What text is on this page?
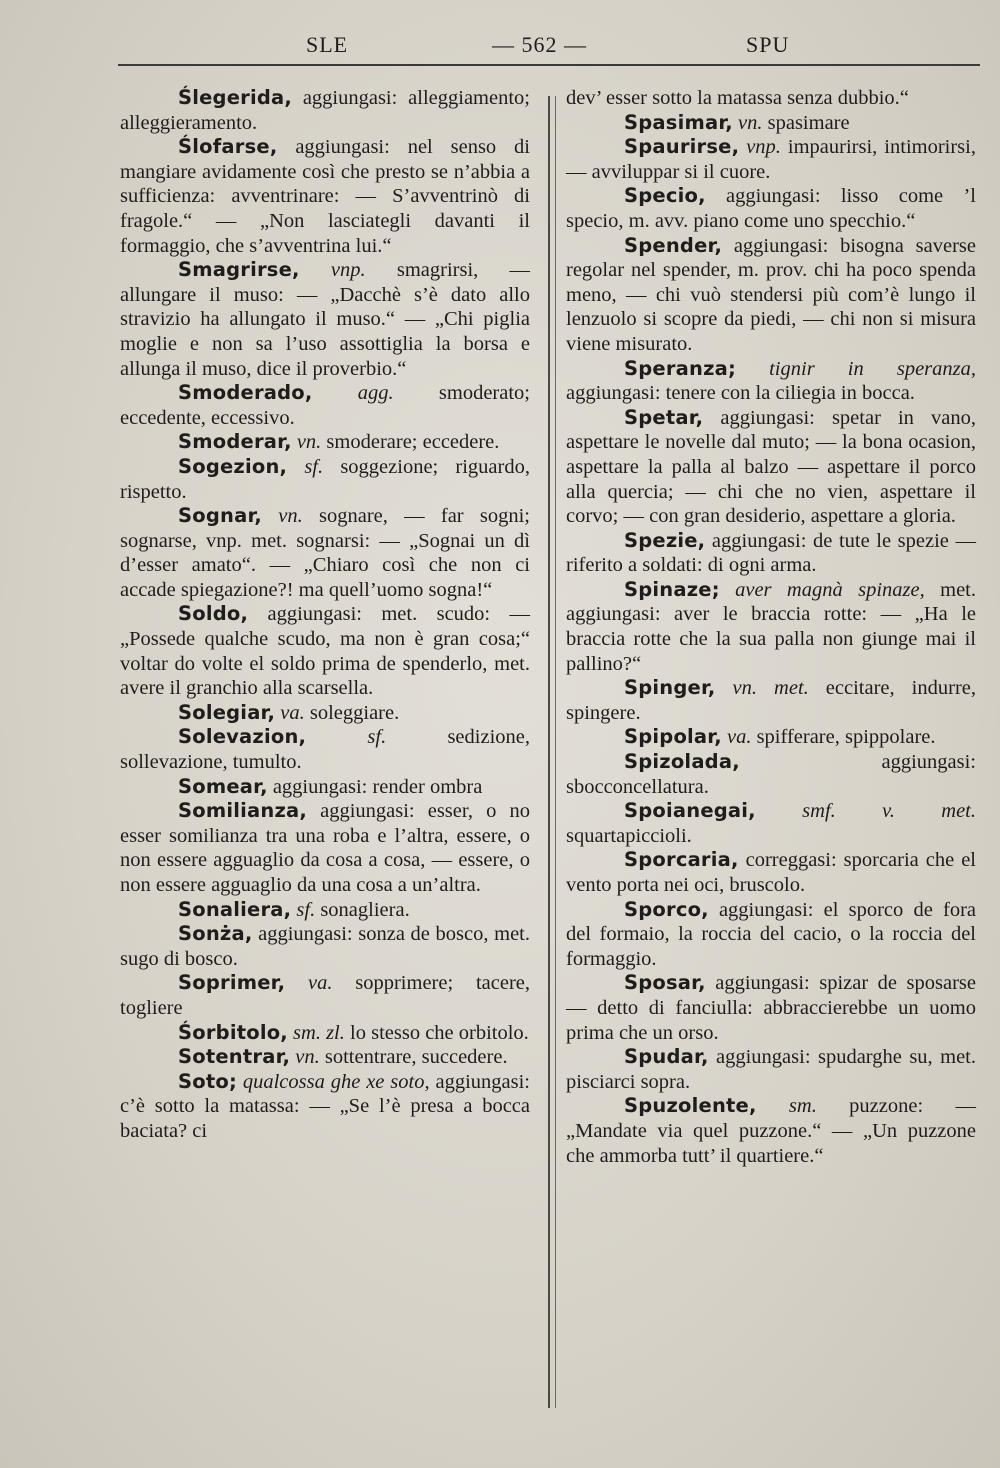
SLE	— 562 —	SPU

Ślegerida, aggiungasi: alleggiamento; alleggieramento.

Ślofarse, aggiungasi: nel senso di mangiare avidamente così che presto se n’abbia a sufficienza: avventrinare: — S’avventrinò di fragole.“ — „Non lasciategli davanti il formaggio, che s’avventrina lui.“

Smagrirse, vnp. smagrirsi, — allungare il muso: — „Dacchè s’è dato allo stravizio ha allungato il muso.“ — „Chi piglia moglie e non sa l’uso assottiglia la borsa e allunga il muso, dice il proverbio.“

Smoderado, agg. smoderato; eccedente, eccessivo.

Smoderar, vn. smoderare; eccedere.

Sogezion, sf. soggezione; riguardo, rispetto.

Sognar, vn. sognare, — far sogni; sognarse, vnp. met. sognarsi: — „Sognai un dì d’esser amato“. — „Chiaro così che non ci accade spiegazione?! ma quell’uomo sogna!“

Soldo, aggiungasi: met. scudo: — „Possede qualche scudo, ma non è gran cosa;“ voltar do volte el soldo prima de spenderlo, met. avere il granchio alla scarsella.

Solegiar, va. soleggiare.

Solevazion, sf. sedizione, sollevazione, tumulto.

Somear, aggiungasi: render ombra

Somilianza, aggiungasi: esser, o no esser somilianza tra una roba e l’altra, essere, o non essere agguaglio da cosa a cosa, — essere, o non essere agguaglio da una cosa a un’altra.

Sonaliera, sf. sonagliera.

Sonża, aggiungasi: sonza de bosco, met. sugo di bosco.

Soprimer, va. sopprimere; tacere, togliere

Śorbitolo, sm. zl. lo stesso che orbitolo.

Sotentrar, vn. sottentrare, succedere.

Soto; qualcossa ghe xe soto, aggiungasi: c’è sotto la matassa: — „Se l’è presa a bocca baciata? ci

dev’ esser sotto la matassa senza dubbio.“

Spasimar, vn. spasimare

Spaurirse, vnp. impaurirsi, intimorirsi, — avviluppar si il cuore.

Specio, aggiungasi: lisso come ’l specio, m. avv. piano come uno specchio.“

Spender, aggiungasi: bisogna saverse regolar nel spender, m. prov. chi ha poco spenda meno, — chi vuò stendersi più com’è lungo il lenzuolo si scopre da piedi, — chi non si misura viene misurato.

Speranza; tignir in speranza, aggiungasi: tenere con la ciliegia in bocca.

Spetar, aggiungasi: spetar in vano, aspettare le novelle dal muto; — la bona ocasion, aspettare la palla al balzo — aspettare il porco alla quercia; — chi che no vien, aspettare il corvo; — con gran desiderio, aspettare a gloria.

Spezie, aggiungasi: de tute le spezie — riferito a soldati: di ogni arma.

Spinaze; aver magnà spinaze, met. aggiungasi: aver le braccia rotte: — „Ha le braccia rotte che la sua palla non giunge mai il pallino?“

Spinger, vn. met. eccitare, indurre, spingere.

Spipolar, va. spifferare, spippolare.

Spizolada, aggiungasi: sbocconcellatura.

Spoianegai, smf. v. met. squartapiccioli.

Sporcaria, correggasi: sporcaria che el vento porta nei oci, bruscolo.

Sporco, aggiungasi: el sporco de fora del formaio, la roccia del cacio, o la roccia del formaggio.

Sposar, aggiungasi: spizar de sposarse — detto di fanciulla: abbraccierebbe un uomo prima che un orso.

Spudar, aggiungasi: spudarghe su, met. pisciarci sopra.

Spuzolente, sm. puzzone: — „Mandate via quel puzzone.“ — „Un puzzone che ammorba tutt’ il quartiere.“
